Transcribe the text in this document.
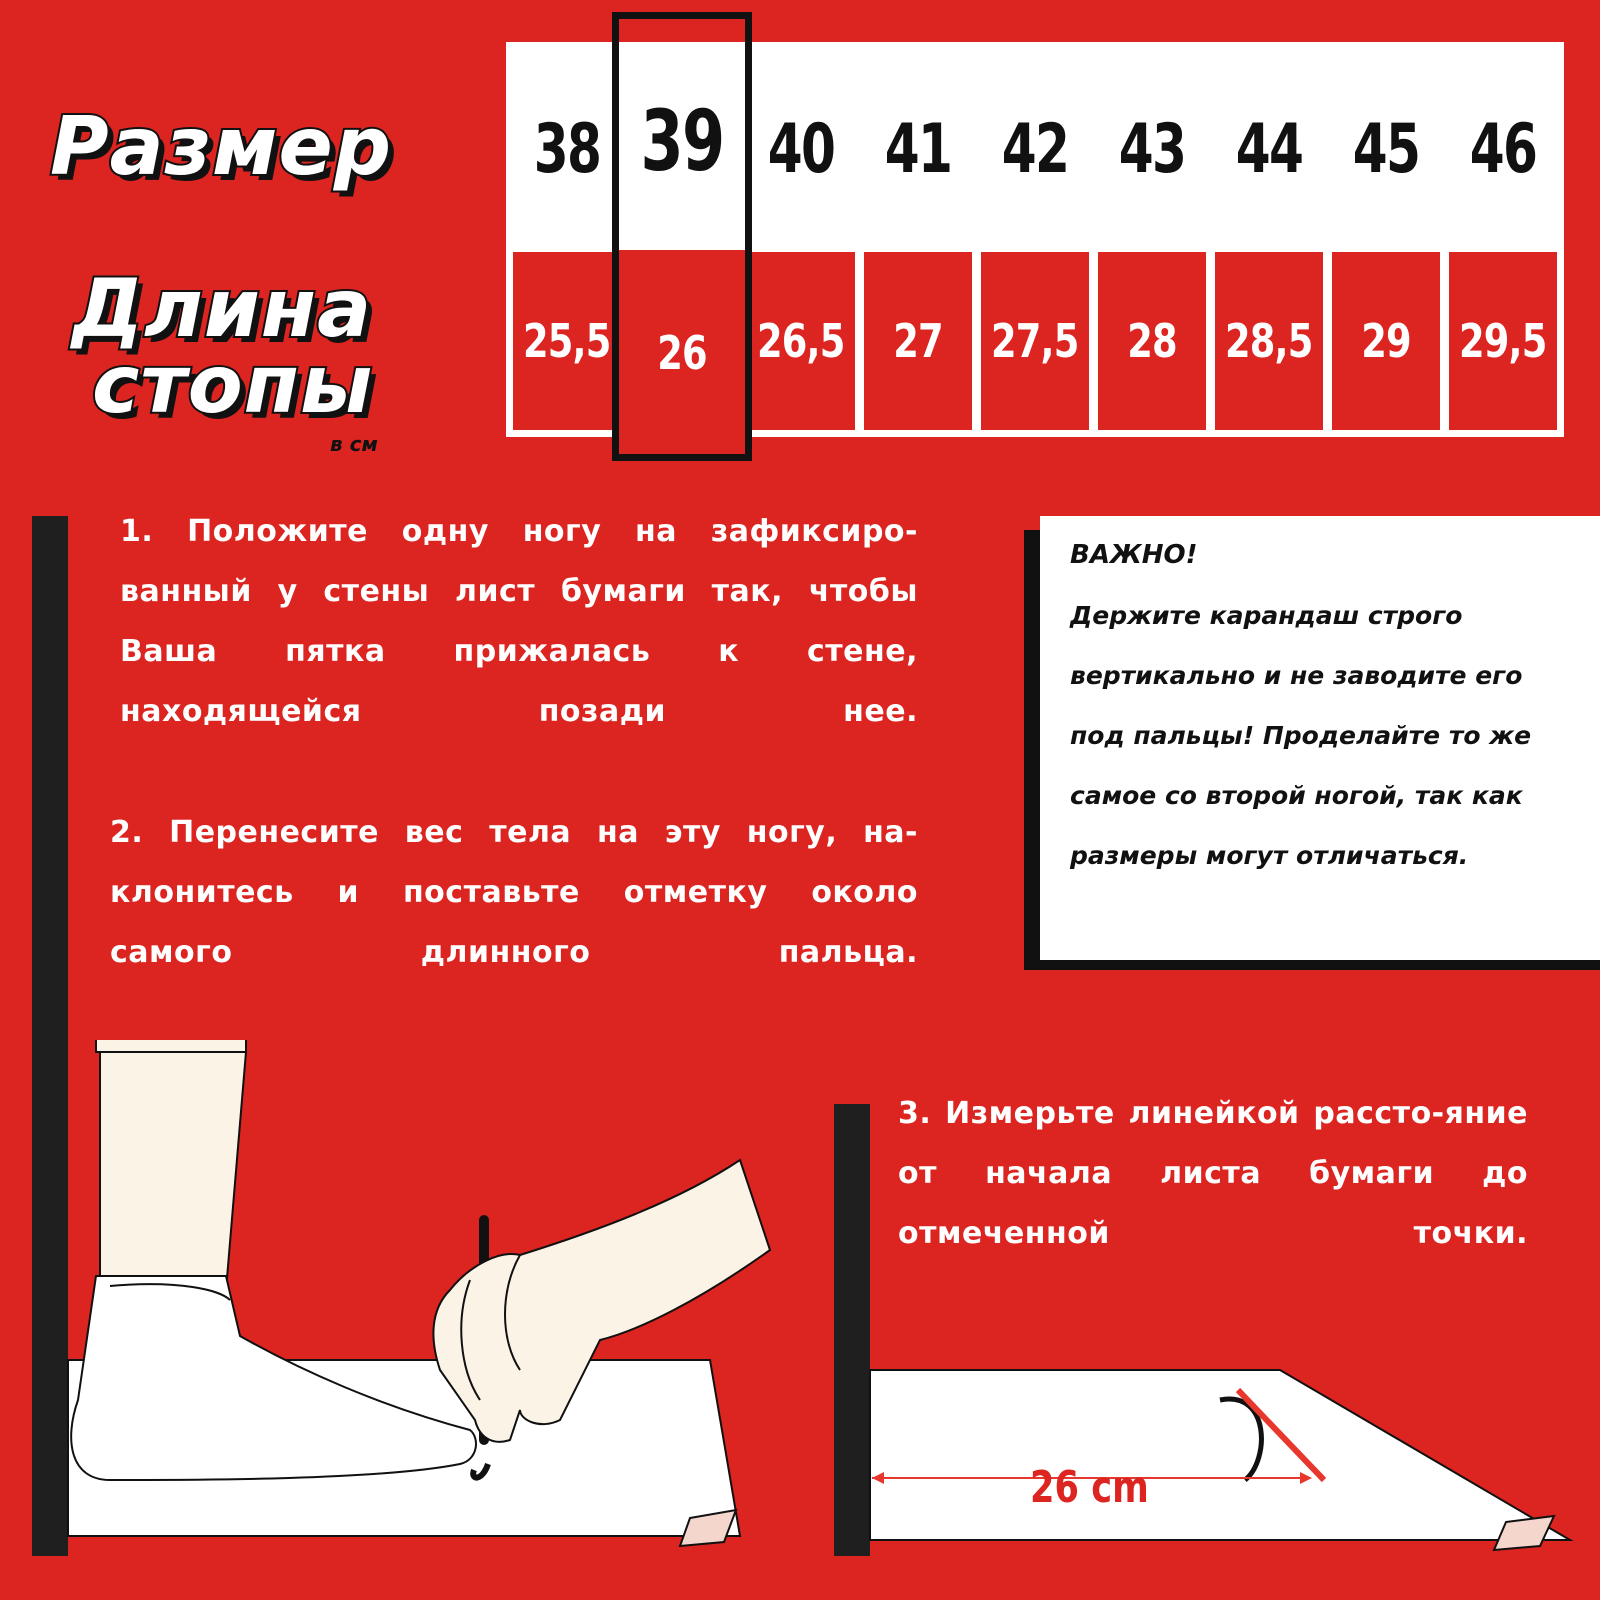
Размер
Длина
стопы
в см
38 39 40 41 42 43 44 45 46
25,5 26 26,5 27 27,5 28 28,5 29 29,5
1. Положите одну ногу на зафиксиро-ванный у стены лист бумаги так, чтобы Ваша пятка прижалась к стене, находящейся позади нее.
2. Перенесите вес тела на эту ногу, на-клонитесь и поставьте отметку около самого длинного пальца.
3. Измерьте линейкой рассто-яние от начала листа бумаги до отмеченной точки.
ВАЖНО!
Держите карандаш строго вертикально и не заводите его под пальцы! Проделайте то же самое со второй ногой, так как размеры могут отличаться.
26 cm
